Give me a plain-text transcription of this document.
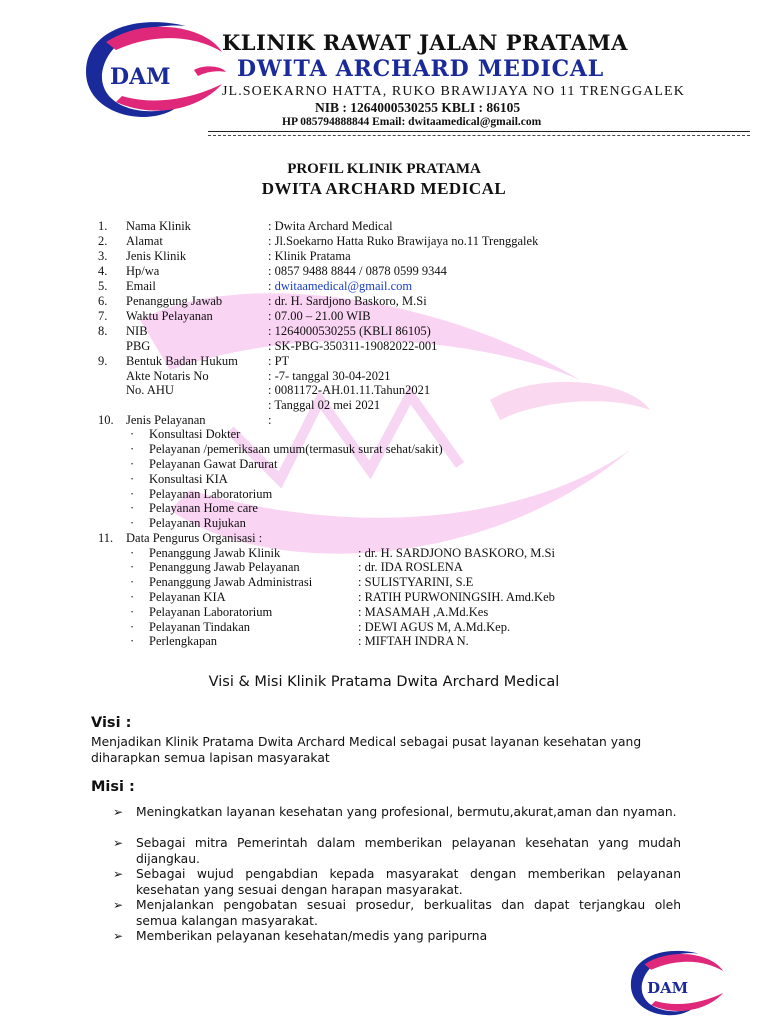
DAM
KLINIK RAWAT JALAN PRATAMA
DWITA ARCHARD MEDICAL
JL.SOEKARNO HATTA, RUKO BRAWIJAYA NO 11 TRENGGALEK
NIB : 1264000530255 KBLI : 86105
HP 085794888844 Email: dwitaamedical@gmail.com
PROFIL KLINIK PRATAMA
DWITA ARCHARD MEDICAL
1. Nama Klinik	: Dwita Archard Medical
2. Alamat	: Jl.Soekarno Hatta Ruko Brawijaya no.11 Trenggalek
3. Jenis Klinik	: Klinik Pratama
4. Hp/wa	: 0857 9488 8844 / 0878 0599 9344
5. Email	: dwitaamedical@gmail.com
6. Penanggung Jawab	: dr. H. Sardjono Baskoro, M.Si
7. Waktu Pelayanan	: 07.00 – 21.00 WIB
8. NIB	: 1264000530255 (KBLI 86105)
PBG	: SK-PBG-350311-19082022-001
9. Bentuk Badan Hukum : PT
Akte Notaris No	: -7- tanggal 30-04-2021
No. AHU	: 0081172-AH.01.11.Tahun2021
: Tanggal 02 mei 2021
10. Jenis Pelayanan	:
· Konsultasi Dokter
· Pelayanan /pemeriksaan umum(termasuk surat sehat/sakit)
· Pelayanan Gawat Darurat
· Konsultasi KIA
· Pelayanan Laboratorium
· Pelayanan Home care
· Pelayanan Rujukan
11. Data Pengurus Organisasi :
· Penanggung Jawab Klinik	: dr. H. SARDJONO BASKORO, M.Si
· Penanggung Jawab Pelayanan	: dr. IDA ROSLENA
· Penanggung Jawab Administrasi	: SULISTYARINI, S.E
· Pelayanan KIA	: RATIH PURWONINGSIH. Amd.Keb
· Pelayanan Laboratorium	: MASAMAH ,A.Md.Kes
· Pelayanan Tindakan	: DEWI AGUS M, A.Md.Kep.
· Perlengkapan	: MIFTAH INDRA N.
Visi & Misi Klinik Pratama Dwita Archard Medical
Visi :
Menjadikan Klinik Pratama Dwita Archard Medical sebagai pusat layanan kesehatan yang diharapkan semua lapisan masyarakat
Misi :
➢ Meningkatkan layanan kesehatan yang profesional, bermutu,akurat,aman dan nyaman.
➢ Sebagai mitra Pemerintah dalam memberikan pelayanan kesehatan yang mudah dijangkau.
➢ Sebagai wujud pengabdian kepada masyarakat dengan memberikan pelayanan kesehatan yang sesuai dengan harapan masyarakat.
➢ Menjalankan pengobatan sesuai prosedur, berkualitas dan dapat terjangkau oleh semua kalangan masyarakat.
➢ Memberikan pelayanan kesehatan/medis yang paripurna
DAM
